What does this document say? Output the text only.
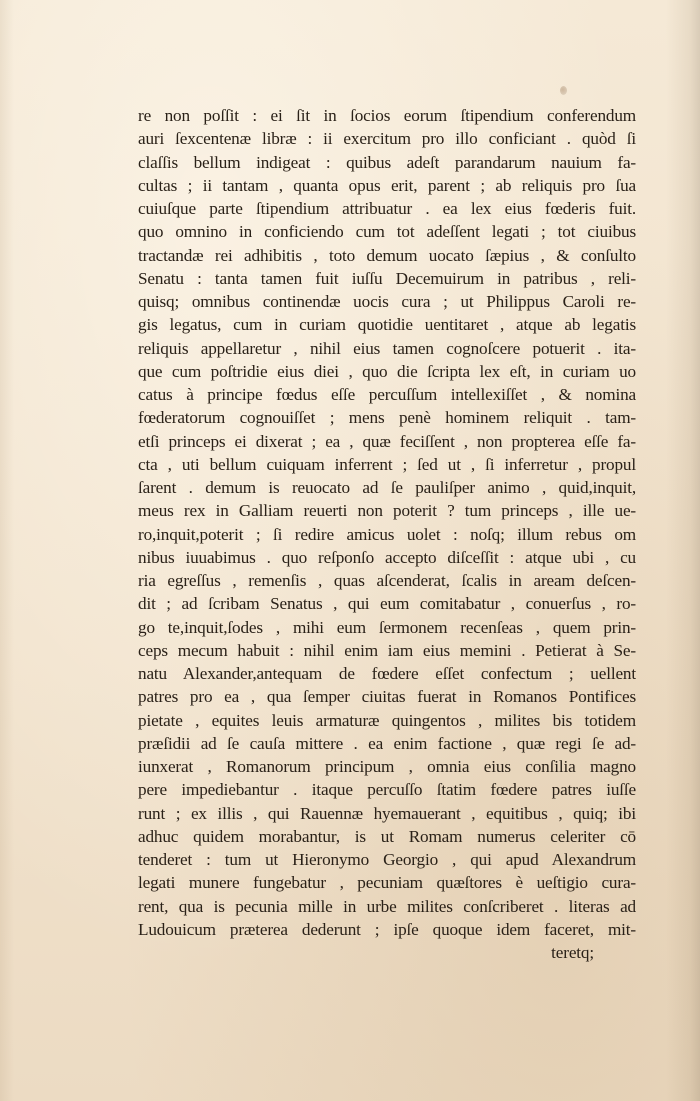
re non poſſit : ei ſit in ſocios eorum ſtipendium conferendum
auri ſexcentenæ libræ : ii exercitum pro illo conficiant . quòd ſi
claſſis bellum indigeat : quibus adeſt parandarum nauium fa-
cultas ; ii tantam , quanta opus erit, parent ; ab reliquis pro ſua
cuiuſque parte ſtipendium attribuatur . ea lex eius fœderis fuit.
quo omnino in conficiendo cum tot adeſſent legati ; tot ciuibus
tractandæ rei adhibitis , toto demum uocato ſæpius , & conſulto
Senatu : tanta tamen fuit iuſſu Decemuirum in patribus , reli-
quisq; omnibus continendæ uocis cura ; ut Philippus Caroli re-
gis legatus, cum in curiam quotidie uentitaret , atque ab legatis
reliquis appellaretur , nihil eius tamen cognoſcere potuerit . ita-
que cum poſtridie eius diei , quo die ſcripta lex eſt, in curiam uo
catus à principe fœdus eſſe percuſſum intellexiſſet , & nomina
fœderatorum cognouiſſet ; mens penè hominem reliquit . tam-
etſi princeps ei dixerat ; ea , quæ feciſſent , non propterea eſſe fa-
cta , uti bellum cuiquam inferrent ; ſed ut , ſi inferretur , propul
ſarent . demum is reuocato ad ſe pauliſper animo , quid,inquit,
meus rex in Galliam reuerti non poterit ? tum princeps , ille ue-
ro,inquit,poterit ; ſi redire amicus uolet : noſq; illum rebus om
nibus iuuabimus . quo reſponſo accepto diſceſſit : atque ubi , cu
ria egreſſus , remenſis , quas aſcenderat, ſcalis in aream deſcen-
dit ; ad ſcribam Senatus , qui eum comitabatur , conuerſus , ro-
go te,inquit,ſodes , mihi eum ſermonem recenſeas , quem prin-
ceps mecum habuit : nihil enim iam eius memini . Petierat à Se-
natu Alexander,antequam de fœdere eſſet confectum ; uellent
patres pro ea , qua ſemper ciuitas fuerat in Romanos Pontifices
pietate , equites leuis armaturæ quingentos , milites bis totidem
præſidii ad ſe cauſa mittere . ea enim factione , quæ regi ſe ad-
iunxerat , Romanorum principum , omnia eius conſilia magno
pere impediebantur . itaque percuſſo ſtatim fœdere patres iuſſe
runt ; ex illis , qui Rauennæ hyemauerant , equitibus , quiq; ibi
adhuc quidem morabantur, is ut Romam numerus celeriter cō
tenderet : tum ut Hieronymo Georgio , qui apud Alexandrum
legati munere fungebatur , pecuniam quæſtores è ueſtigio cura-
rent, qua is pecunia mille in urbe milites conſcriberet . literas ad
Ludouicum præterea dederunt ; ipſe quoque idem faceret, mit-
teretq;
